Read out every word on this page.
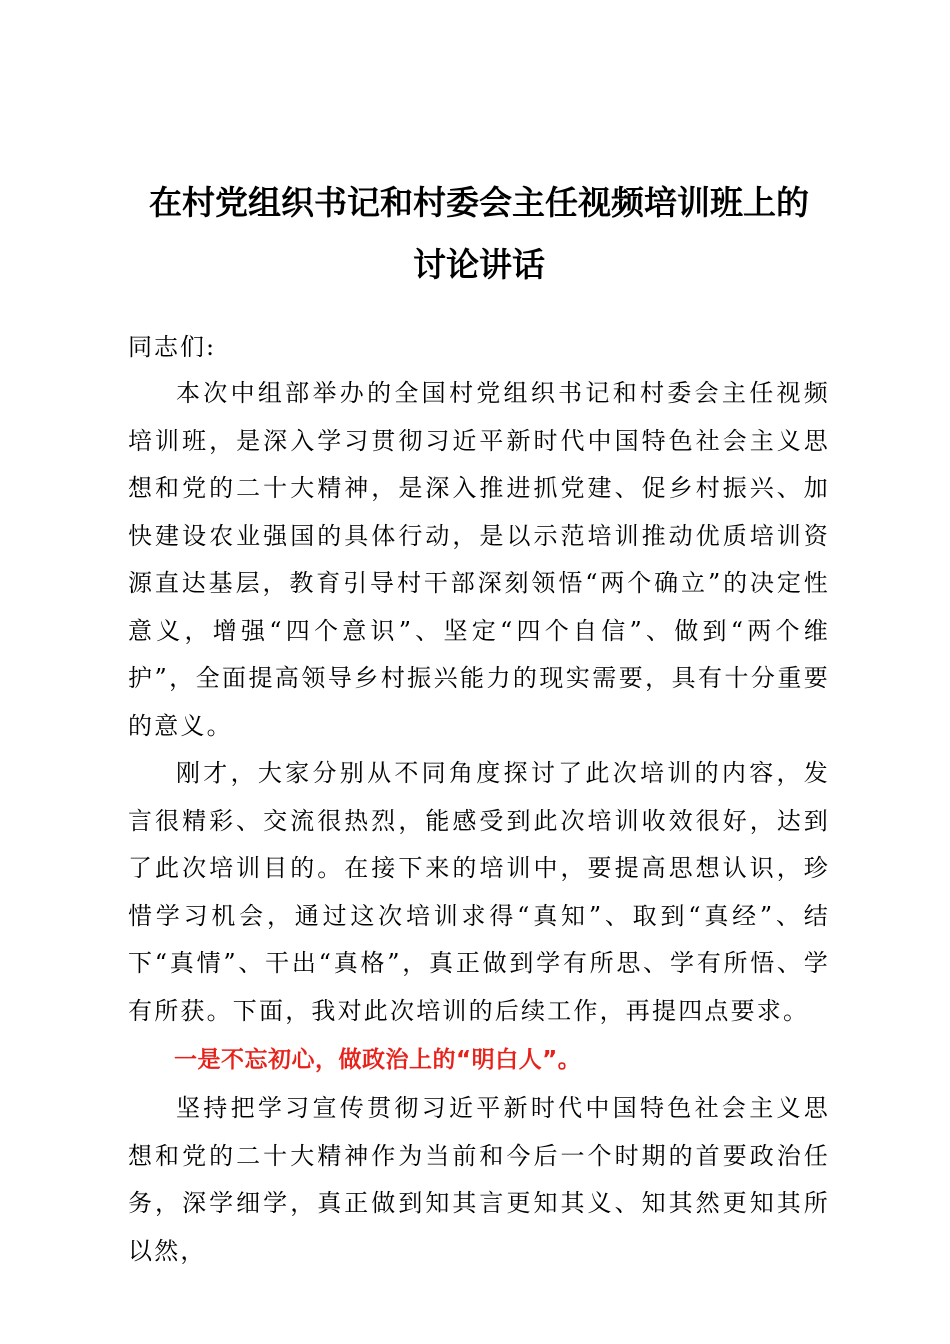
在村党组织书记和村委会主任视频培训班上的
讨论讲话

同志们:

本次中组部举办的全国村党组织书记和村委会主任视频培训班，是深入学习贯彻习近平新时代中国特色社会主义思想和党的二十大精神，是深入推进抓党建、促乡村振兴、加快建设农业强国的具体行动，是以示范培训推动优质培训资源直达基层，教育引导村干部深刻领悟“两个确立”的决定性意义，增强“四个意识”、坚定“四个自信”、做到“两个维护”，全面提高领导乡村振兴能力的现实需要，具有十分重要的意义。

刚才，大家分别从不同角度探讨了此次培训的内容，发言很精彩、交流很热烈，能感受到此次培训收效很好，达到了此次培训目的。在接下来的培训中，要提高思想认识，珍惜学习机会，通过这次培训求得“真知”、取到“真经”、结下“真情”、干出“真格”，真正做到学有所思、学有所悟、学有所获。下面，我对此次培训的后续工作，再提四点要求。

一是不忘初心，做政治上的“明白人”。

坚持把学习宣传贯彻习近平新时代中国特色社会主义思想和党的二十大精神作为当前和今后一个时期的首要政治任务，深学细学，真正做到知其言更知其义、知其然更知其所以然，
